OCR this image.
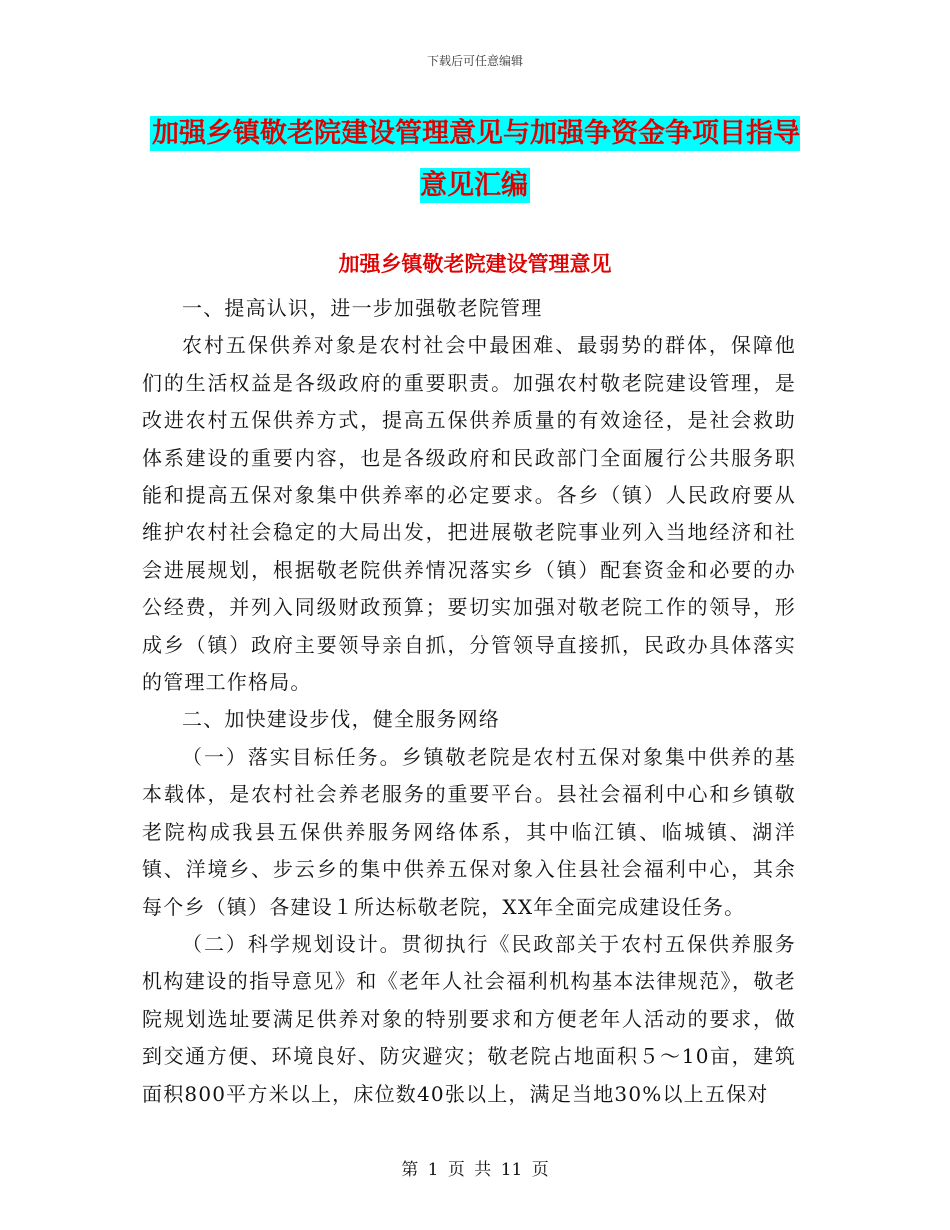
下载后可任意编辑
加强乡镇敬老院建设管理意见与加强争资金争项目指导意见汇编
加强乡镇敬老院建设管理意见

一、提高认识，进一步加强敬老院管理

农村五保供养对象是农村社会中最困难、最弱势的群体，保障他们的生活权益是各级政府的重要职责。加强农村敬老院建设管理，是改进农村五保供养方式，提高五保供养质量的有效途径，是社会救助体系建设的重要内容，也是各级政府和民政部门全面履行公共服务职能和提高五保对象集中供养率的必定要求。各乡（镇）人民政府要从维护农村社会稳定的大局出发，把进展敬老院事业列入当地经济和社会进展规划，根据敬老院供养情况落实乡（镇）配套资金和必要的办公经费，并列入同级财政预算；要切实加强对敬老院工作的领导，形成乡（镇）政府主要领导亲自抓，分管领导直接抓，民政办具体落实的管理工作格局。

二、加快建设步伐，健全服务网络

（一）落实目标任务。乡镇敬老院是农村五保对象集中供养的基本载体，是农村社会养老服务的重要平台。县社会福利中心和乡镇敬老院构成我县五保供养服务网络体系，其中临江镇、临城镇、湖洋镇、洋境乡、步云乡的集中供养五保对象入住县社会福利中心，其余每个乡（镇）各建设１所达标敬老院，XX年全面完成建设任务。

（二）科学规划设计。贯彻执行《民政部关于农村五保供养服务机构建设的指导意见》和《老年人社会福利机构基本法律规范》，敬老院规划选址要满足供养对象的特别要求和方便老年人活动的要求，做到交通方便、环境良好、防灾避灾；敬老院占地面积５～10亩，建筑面积800平方米以上，床位数40张以上，满足当地30%以上五保对

第 1 页 共 11 页
